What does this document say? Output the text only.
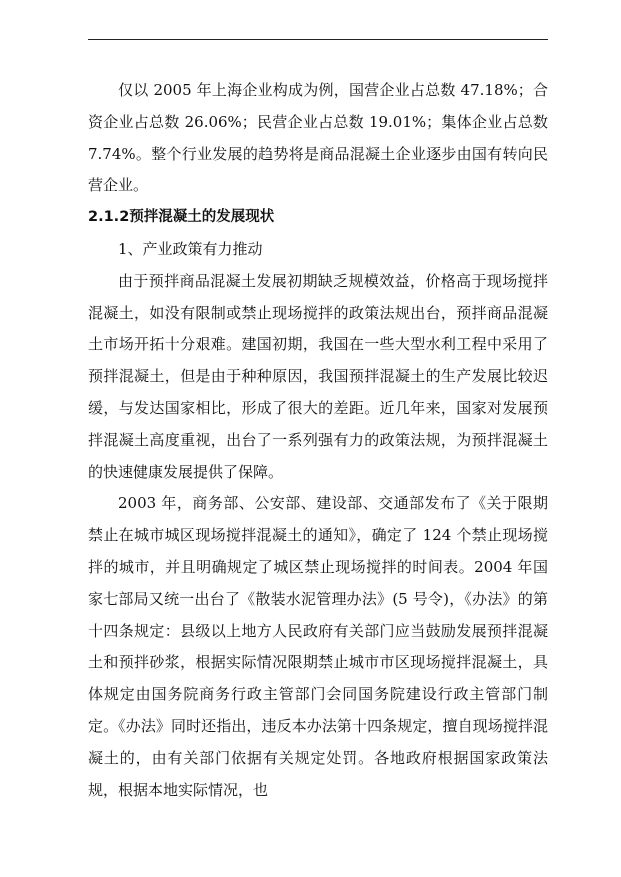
仅以 2005 年上海企业构成为例，国营企业占总数 47.18%；合资企业占总数 26.06%；民营企业占总数 19.01%；集体企业占总数 7.74%。整个行业发展的趋势将是商品混凝土企业逐步由国有转向民营企业。

2.1.2预拌混凝土的发展现状

1、产业政策有力推动

由于预拌商品混凝土发展初期缺乏规模效益，价格高于现场搅拌混凝土，如没有限制或禁止现场搅拌的政策法规出台，预拌商品混凝土市场开拓十分艰难。建国初期，我国在一些大型水利工程中采用了预拌混凝土，但是由于种种原因，我国预拌混凝土的生产发展比较迟缓，与发达国家相比，形成了很大的差距。近几年来，国家对发展预拌混凝土高度重视，出台了一系列强有力的政策法规，为预拌混凝土的快速健康发展提供了保障。

2003 年，商务部、公安部、建设部、交通部发布了《关于限期禁止在城市城区现场搅拌混凝土的通知》，确定了 124 个禁止现场搅拌的城市，并且明确规定了城区禁止现场搅拌的时间表。2004 年国家七部局又统一出台了《散装水泥管理办法》(5 号令)，《办法》的第十四条规定：县级以上地方人民政府有关部门应当鼓励发展预拌混凝土和预拌砂浆，根据实际情况限期禁止城市市区现场搅拌混凝土，具体规定由国务院商务行政主管部门会同国务院建设行政主管部门制定。《办法》同时还指出，违反本办法第十四条规定，擅自现场搅拌混凝土的，由有关部门依据有关规定处罚。各地政府根据国家政策法规，根据本地实际情况，也
